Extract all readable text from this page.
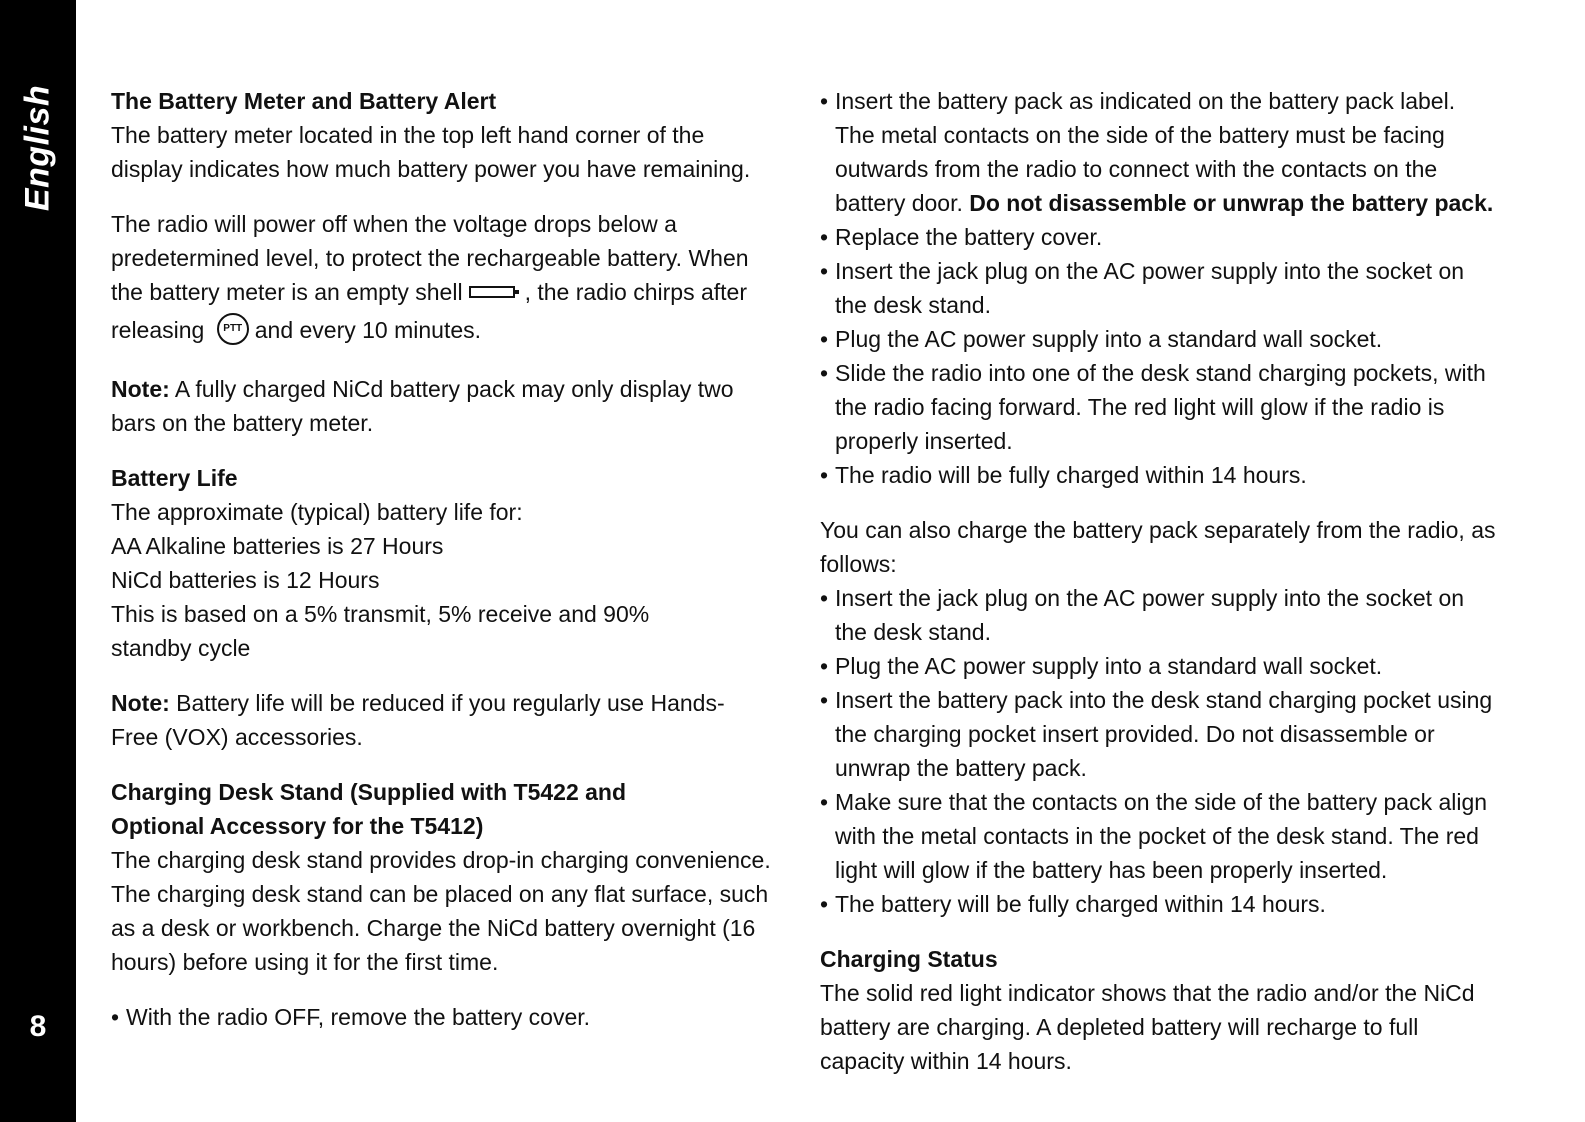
English
8
The Battery Meter and Battery Alert

The battery meter located in the top left hand corner of the display indicates how much battery power you have remaining.

The radio will power off when the voltage drops below a predetermined level, to protect the rechargeable battery. When the battery meter is an empty shell	, the radio chirps after releasing PTT and every 10 minutes.

Note: A fully charged NiCd battery pack may only display two bars on the battery meter.

Battery Life
The approximate (typical) battery life for:
AA Alkaline batteries is 27 Hours
NiCd batteries is 12 Hours
This is based on a 5% transmit, 5% receive and 90% standby cycle

Note: Battery life will be reduced if you regularly use Hands-Free (VOX) accessories.

Charging Desk Stand (Supplied with T5422 and Optional Accessory for the T5412)

The charging desk stand provides drop-in charging convenience. The charging desk stand can be placed on any flat surface, such as a desk or workbench. Charge the NiCd battery overnight (16 hours) before using it for the first time.

• With the radio OFF, remove the battery cover.
• Insert the battery pack as indicated on the battery pack label. The metal contacts on the side of the battery must be facing outwards from the radio to connect with the contacts on the battery door. Do not disassemble or unwrap the battery pack.
• Replace the battery cover.
• Insert the jack plug on the AC power supply into the socket on the desk stand.
• Plug the AC power supply into a standard wall socket.
• Slide the radio into one of the desk stand charging pockets, with the radio facing forward. The red light will glow if the radio is properly inserted.
• The radio will be fully charged within 14 hours.

You can also charge the battery pack separately from the radio, as follows:

• Insert the jack plug on the AC power supply into the socket on the desk stand.
• Plug the AC power supply into a standard wall socket.
• Insert the battery pack into the desk stand charging pocket using the charging pocket insert provided. Do not disassemble or unwrap the battery pack.
• Make sure that the contacts on the side of the battery pack align with the metal contacts in the pocket of the desk stand. The red light will glow if the battery has been properly inserted.
• The battery will be fully charged within 14 hours.
Charging Status

The solid red light indicator shows that the radio and/or the NiCd battery are charging. A depleted battery will recharge to full capacity within 14 hours.
